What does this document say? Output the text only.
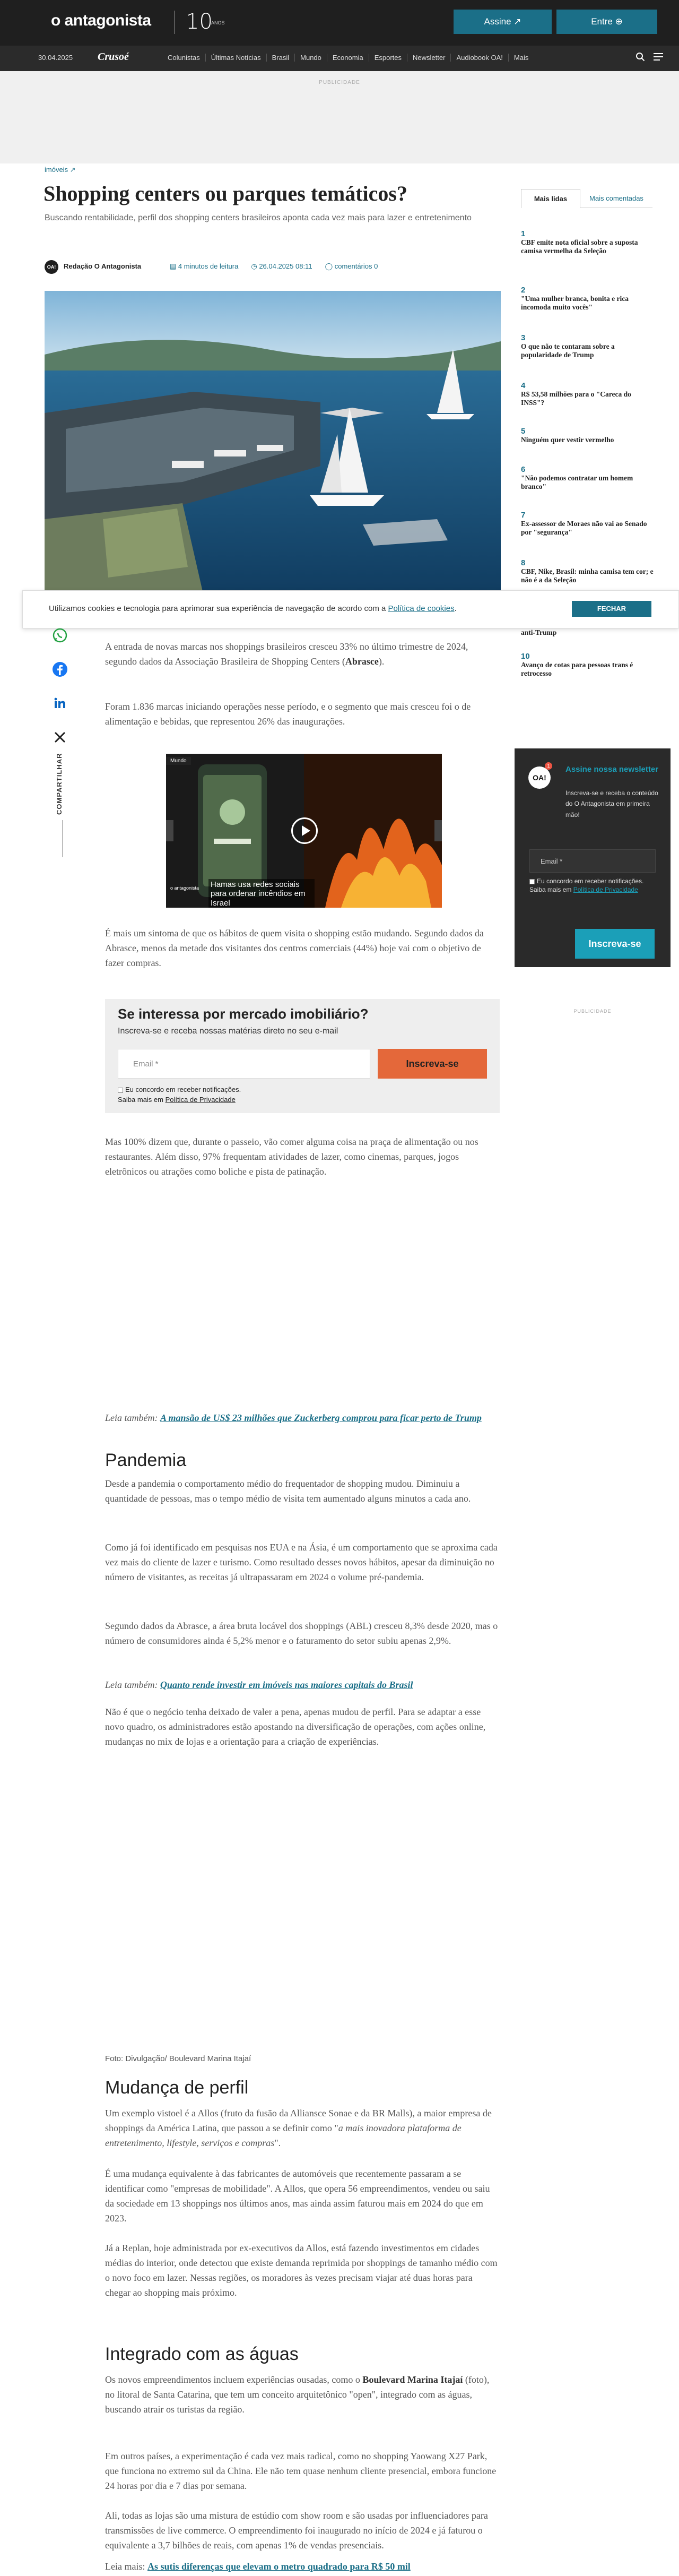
o antagonista 10
ANOS	Assine ↗	Entre ⊕
30.04.2025 Crusoé	Colunistas	Últimas Notícias	Brasil	Mundo	Economia	Esportes	Newsletter	Audiobook OA!	Mais
PUBLICIDADE
imóveis ↗
Shopping centers ou parques temáticos?
Buscando rentabilidade, perfil dos shopping centers brasileiros aponta cada vez mais para lazer e entretenimento
OA!	Redação O Antagonista	▤ 4 minutos de leitura ◷ 26.04.2025 08:11 ◯ comentários 0
Utilizamos cookies e tecnologia para aprimorar sua experiência de navegação de acordo com a Política de cookies.	FECHAR
COMPARTILHAR

A entrada de novas marcas nos shoppings brasileiros cresceu 33% no último trimestre de 2024, segundo dados da Associação Brasileira de Shopping Centers (Abrasce).

Foram 1.836 marcas iniciando operações nesse período, e o segmento que mais cresceu foi o de alimentação e bebidas, que representou 26% das inaugurações.

Mundo
o antagonista Hamas usa redes sociais para ordenar incêndios em Israel

É mais um sintoma de que os hábitos de quem visita o shopping estão mudando. Segundo dados da Abrasce, menos da metade dos visitantes dos centros comerciais (44%) hoje vai com o objetivo de fazer compras.

Se interessa por mercado imobiliário?
Inscreva-se e receba nossas matérias direto no seu e-mail
Email *	Inscreva-se
Eu concordo em receber notificações.
Saiba mais em Política de Privacidade

Mas 100% dizem que, durante o passeio, vão comer alguma coisa na praça de alimentação ou nos restaurantes. Além disso, 97% frequentam atividades de lazer, como cinemas, parques, jogos eletrônicos ou atrações como boliche e pista de patinação.

Leia também: A mansão de US$ 23 milhões que Zuckerberg comprou para ficar perto de Trump

Pandemia

Desde a pandemia o comportamento médio do frequentador de shopping mudou. Diminuiu a quantidade de pessoas, mas o tempo médio de visita tem aumentado alguns minutos a cada ano.

Como já foi identificado em pesquisas nos EUA e na Ásia, é um comportamento que se aproxima cada vez mais do cliente de lazer e turismo. Como resultado desses novos hábitos, apesar da diminuição no número de visitantes, as receitas já ultrapassaram em 2024 o volume pré-pandemia.

Segundo dados da Abrasce, a área bruta locável dos shoppings (ABL) cresceu 8,3% desde 2020, mas o número de consumidores ainda é 5,2% menor e o faturamento do setor subiu apenas 2,9%.

Leia também: Quanto rende investir em imóveis nas maiores capitais do Brasil

Não é que o negócio tenha deixado de valer a pena, apenas mudou de perfil. Para se adaptar a esse novo quadro, os administradores estão apostando na diversificação de operações, com ações online, mudanças no mix de lojas e a orientação para a criação de experiências.

Foto: Divulgação/ Boulevard Marina Itajaí
Mudança de perfil

Um exemplo vistoel é a Allos (fruto da fusão da Alliansce Sonae e da BR Malls), a maior empresa de shoppings da América Latina, que passou a se definir como "a mais inovadora plataforma de entretenimento, lifestyle, serviços e compras".

É uma mudança equivalente à das fabricantes de automóveis que recentemente passaram a se identificar como "empresas de mobilidade". A Allos, que opera 56 empreendimentos, vendeu ou saiu da sociedade em 13 shoppings nos últimos anos, mas ainda assim faturou mais em 2024 do que em 2023.

Já a Replan, hoje administrada por ex-executivos da Allos, está fazendo investimentos em cidades médias do interior, onde detectou que existe demanda reprimida por shoppings de tamanho médio com o novo foco em lazer. Nessas regiões, os moradores às vezes precisam viajar até duas horas para chegar ao shopping mais próximo.

Integrado com as águas

Os novos empreendimentos incluem experiências ousadas, como o Boulevard Marina Itajaí (foto), no litoral de Santa Catarina, que tem um conceito arquitetônico "open", integrado com as águas, buscando atrair os turistas da região.

Em outros países, a experimentação é cada vez mais radical, como no shopping Yaowang X27 Park, que funciona no extremo sul da China. Ele não tem quase nenhum cliente presencial, embora funcione 24 horas por dia e 7 dias por semana.

Ali, todas as lojas são uma mistura de estúdio com show room e são usadas por influenciadores para transmissões de live commerce. O empreendimento foi inaugurado no início de 2024 e já faturou o equivalente a 3,7 bilhões de reais, com apenas 1% de vendas presenciais.

Leia mais: As sutis diferenças que elevam o metro quadrado para R$ 50 mil

Mais lidas	Mais comentadas
1
CBF emite nota oficial sobre a suposta camisa vermelha da Seleção
2
"Uma mulher branca, bonita e rica incomoda muito vocês"
3
O que não te contaram sobre a popularidade de Trump
4
R$ 53,58 milhões para o "Careca do INSS"?
5
Ninguém quer vestir vermelho
6
"Não podemos contratar um homem branco"
7
Ex-assessor de Moraes não vai ao Senado por "segurança"
8
CBF, Nike, Brasil: minha camisa tem cor; e não é a da Seleção
anti-Trump
10
Avanço de cotas para pessoas trans é retrocesso
OA!
1	Assine nossa newsletter
Inscreva-se e receba o conteúdo do O Antagonista em primeira mão!
Email *
Eu concordo em receber notificações.
Saiba mais em Política de Privacidade
Inscreva-se
PUBLICIDADE
